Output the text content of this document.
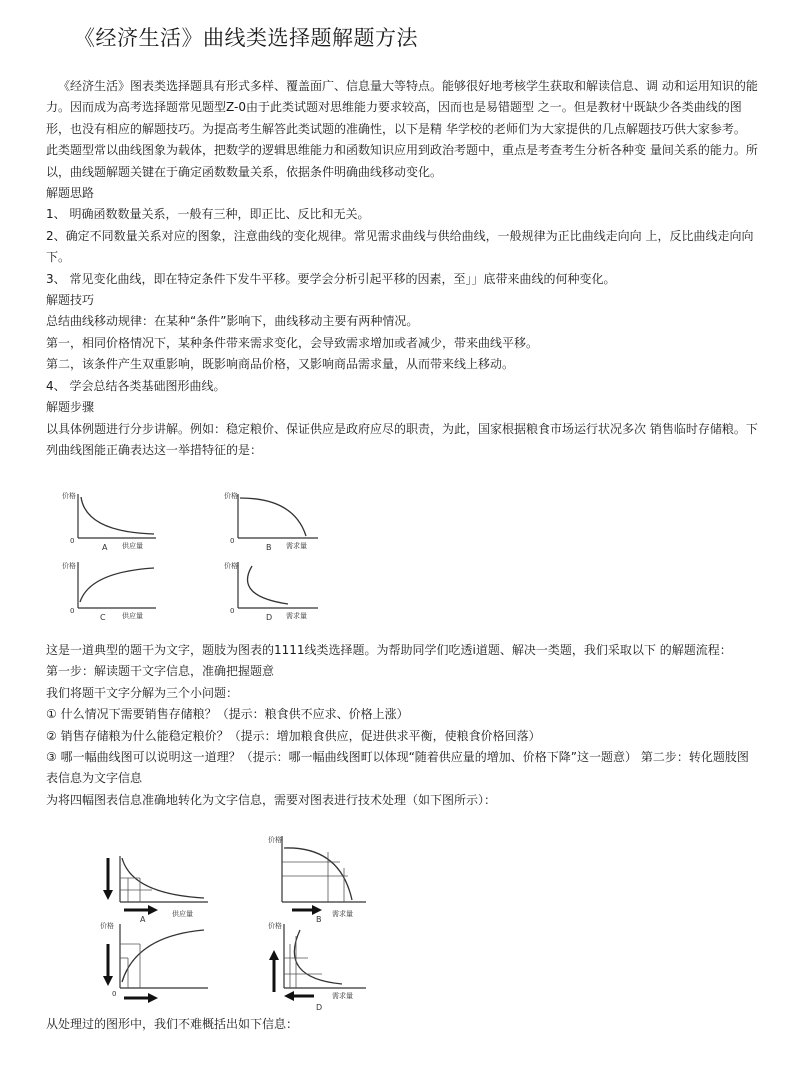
《经济生活》曲线类选择题解题方法

《经济生活》图表类选择题具有形式多样、覆盖面广、信息量大等特点。能够很好地考核学生获取和解读信息、调 动和运用知识的能力。因而成为高考选择题常见题型Z-0由于此类试题对思维能力要求较高，因而也是易错题型 之一。但是教材屮既缺少各类曲线的图形，也没有相应的解题技巧。为提高考生解答此类试题的准确性，以下是精 华学校的老师们为大家提供的几点解题技巧供大家参考。

此类题型常以曲线图象为载体，把数学的逻辑思维能力和函数知识应用到政治考题中，重点是考查考生分析各种变 量间关系的能力。所以，曲线题解题关键在于确定函数数量关系，依据条件明确曲线移动变化。

解题思路

1、 明确函数数量关系，一般有三种，即正比、反比和无关。

2、确定不同数量关系对应的图象，注意曲线的变化规律。常见需求曲线与供给曲线，一般规律为正比曲线走向向 上，反比曲线走向向下。

3、 常见变化曲线，即在特定条件下发牛平移。要学会分析引起平移的因素，至｣」底带来曲线的何种变化。

解题技巧

总结曲线移动规律：在某种“条件”影响下，曲线移动主要有两种情况。

第一，相同价格情况下，某种条件带来需求变化，会导致需求增加或者减少，带来曲线平移。

第二，该条件产生双重影响，既影响商品价格，又影响商品需求量，从而带来线上移动。

4、 学会总结各类基础图形曲线。

解题步骤

以具体例题进行分步讲解。例如：稳定粮价、保证供应是政府应尽的职责，为此，国家根据粮食市场运行状况多次 销售临时存储粮。下列曲线图能正确表达这一举措特征的是：

价格
0
A 供应量
价格
0
B 需求量
价格
0
C 供应量
价格
0
D 需求量

这是一道典型的题干为文字，题肢为图表的1111线类选择题。为帮助同学们吃透i道题、解决一类题，我们采取以下 的解题流程：

第一步：解读题干文字信息，准确把握题意

我们将题干文字分解为三个小问题：

① 什么情况下需要销售存储粮？（提示：粮食供不应求、价格上涨）

② 销售存储粮为什么能稳定粮价？（提示：增加粮食供应，促进供求平衡，使粮食价格回落）

③ 哪一幅曲线图可以说明这一道理？（提示：哪一幅曲线图町以体现“随着供应量的增加、价格下降”这一题意） 第二步：转化题肢图表信息为文字信息

为将四幅图表信息准确地转化为文字信息，需要对图表进行技术处理（如下图所示）：

A
供应量
价格
B
需求量
价格
0
价格
D
需求量

从处理过的图形中，我们不难概括出如下信息：
